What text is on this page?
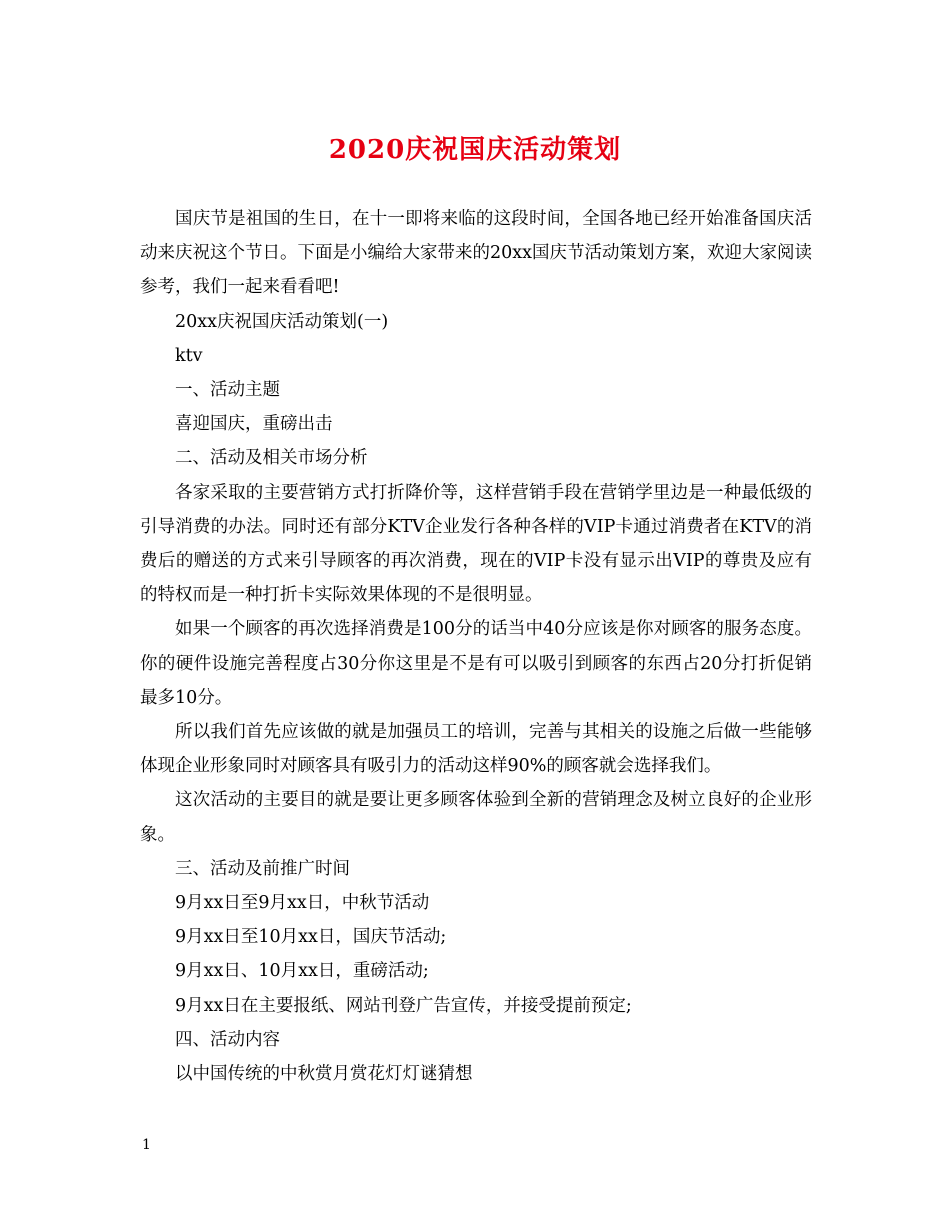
2020庆祝国庆活动策划

国庆节是祖国的生日，在十一即将来临的这段时间，全国各地已经开始准备国庆活动来庆祝这个节日。下面是小编给大家带来的20xx国庆节活动策划方案，欢迎大家阅读参考，我们一起来看看吧!

20xx庆祝国庆活动策划(一)

ktv

一、活动主题

喜迎国庆，重磅出击

二、活动及相关市场分析

各家采取的主要营销方式打折降价等，这样营销手段在营销学里边是一种最低级的引导消费的办法。同时还有部分KTV企业发行各种各样的VIP卡通过消费者在KTV的消费后的赠送的方式来引导顾客的再次消费，现在的VIP卡没有显示出VIP的尊贵及应有的特权而是一种打折卡实际效果体现的不是很明显。

如果一个顾客的再次选择消费是100分的话当中40分应该是你对顾客的服务态度。你的硬件设施完善程度占30分你这里是不是有可以吸引到顾客的东西占20分打折促销最多10分。

所以我们首先应该做的就是加强员工的培训，完善与其相关的设施之后做一些能够体现企业形象同时对顾客具有吸引力的活动这样90%的顾客就会选择我们。

这次活动的主要目的就是要让更多顾客体验到全新的营销理念及树立良好的企业形象。

三、活动及前推广时间

9月xx日至9月xx日，中秋节活动

9月xx日至10月xx日，国庆节活动;

9月xx日、10月xx日，重磅活动;

9月xx日在主要报纸、网站刊登广告宣传，并接受提前预定;

四、活动内容

以中国传统的中秋赏月赏花灯灯谜猜想

1
